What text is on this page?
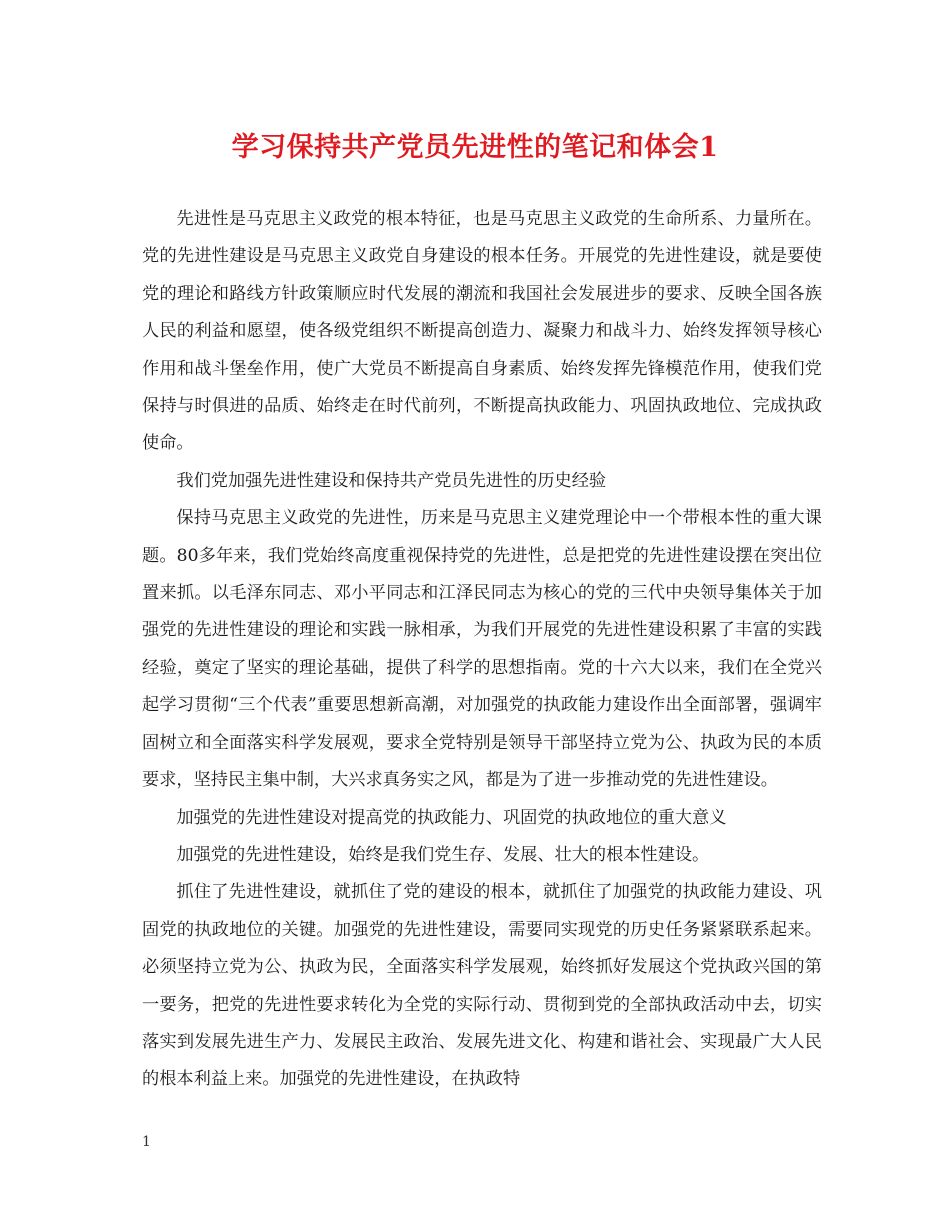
学习保持共产党员先进性的笔记和体会1

先进性是马克思主义政党的根本特征，也是马克思主义政党的生命所系、力量所在。党的先进性建设是马克思主义政党自身建设的根本任务。开展党的先进性建设，就是要使党的理论和路线方针政策顺应时代发展的潮流和我国社会发展进步的要求、反映全国各族人民的利益和愿望，使各级党组织不断提高创造力、凝聚力和战斗力、始终发挥领导核心作用和战斗堡垒作用，使广大党员不断提高自身素质、始终发挥先锋模范作用，使我们党保持与时俱进的品质、始终走在时代前列，不断提高执政能力、巩固执政地位、完成执政使命。

我们党加强先进性建设和保持共产党员先进性的历史经验

保持马克思主义政党的先进性，历来是马克思主义建党理论中一个带根本性的重大课题。80多年来，我们党始终高度重视保持党的先进性，总是把党的先进性建设摆在突出位置来抓。以毛泽东同志、邓小平同志和江泽民同志为核心的党的三代中央领导集体关于加强党的先进性建设的理论和实践一脉相承，为我们开展党的先进性建设积累了丰富的实践经验，奠定了坚实的理论基础，提供了科学的思想指南。党的十六大以来，我们在全党兴起学习贯彻“三个代表”重要思想新高潮，对加强党的执政能力建设作出全面部署，强调牢固树立和全面落实科学发展观，要求全党特别是领导干部坚持立党为公、执政为民的本质要求，坚持民主集中制，大兴求真务实之风，都是为了进一步推动党的先进性建设。

加强党的先进性建设对提高党的执政能力、巩固党的执政地位的重大意义

加强党的先进性建设，始终是我们党生存、发展、壮大的根本性建设。

抓住了先进性建设，就抓住了党的建设的根本，就抓住了加强党的执政能力建设、巩固党的执政地位的关键。加强党的先进性建设，需要同实现党的历史任务紧紧联系起来。必须坚持立党为公、执政为民，全面落实科学发展观，始终抓好发展这个党执政兴国的第一要务，把党的先进性要求转化为全党的实际行动、贯彻到党的全部执政活动中去，切实落实到发展先进生产力、发展民主政治、发展先进文化、构建和谐社会、实现最广大人民的根本利益上来。加强党的先进性建设，在执政特

1
